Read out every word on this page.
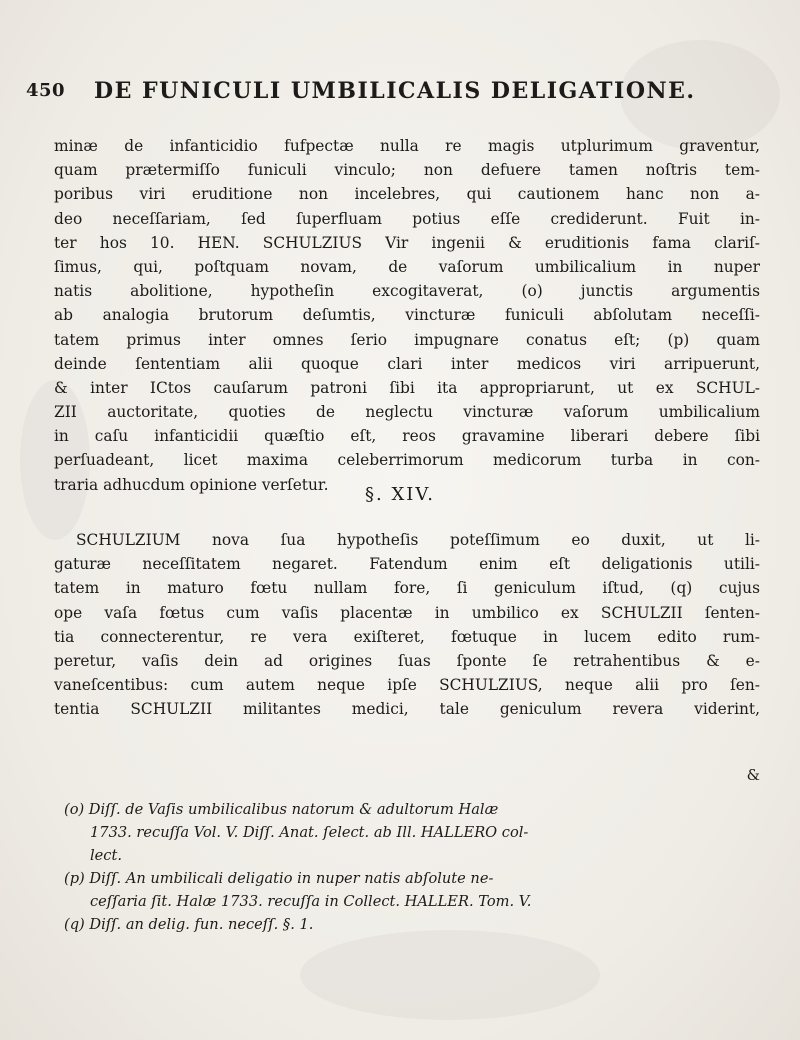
450 DE FUNICULI UMBILICALIS DELIGATIONE.
minæ de infanticidio fufpectæ nulla re magis utplurimum graventur,
quam prætermiſſo funiculi vinculo; non defuere tamen noſtris tem-
poribus viri eruditione non incelebres, qui cautionem hanc non a-
deo neceſſariam, ſed ſuperfluam potius eſſe crediderunt. Fuit in-
ter hos 10. HEN. SCHULZIUS Vir ingenii & eruditionis fama clariſ-
ſimus, qui, poſtquam novam, de vaſorum umbilicalium in nuper
natis abolitione, hypotheſin excogitaverat, (o) junctis argumentis
ab analogia brutorum deſumtis, vincturæ funiculi abſolutam neceſſi-
tatem primus inter omnes ſerio impugnare conatus eſt; (p) quam
deinde ſententiam alii quoque clari inter medicos viri arripuerunt,
& inter ICtos cauſarum patroni ſibi ita appropriarunt, ut ex SCHUL-
ZII auctoritate, quoties de neglectu vincturæ vaſorum umbilicalium
in caſu infanticidii quæſtio eſt, reos gravamine liberari debere ſibi
perſuadeant, licet maxima celeberrimorum medicorum turba in con-
traria adhucdum opinione verſetur.	§. XIV.
SCHULZIUM nova ſua hypotheſis poteſſimum eo duxit, ut li-
gaturæ neceſſitatem negaret. Fatendum enim eſt deligationis utili-
tatem in maturo fœtu nullam fore, ſi geniculum iſtud, (q) cujus
ope vaſa fœtus cum vaſis placentæ in umbilico ex SCHULZII ſenten-
tia connecterentur, re vera exiſteret, fœtuque in lucem edito rum-
peretur, vaſis dein ad origines ſuas ſponte ſe retrahentibus & e-
vaneſcentibus: cum autem neque ipſe SCHULZIUS, neque alii pro ſen-
tentia SCHULZII militantes medici, tale geniculum revera viderint,
&
(o) Diſſ. de Vaſis umbilicalibus natorum & adultorum Halæ
1733. recuſſa Vol. V. Diſſ. Anat. ſelect. ab Ill. HALLERO col-
lect.
(p) Diſſ. An umbilicali deligatio in nuper natis abſolute ne-
ceſſaria ſit. Halæ 1733. recuſſa in Collect. HALLER. Tom. V.
(q) Diſſ. an delig. fun. neceſſ. §. 1.
